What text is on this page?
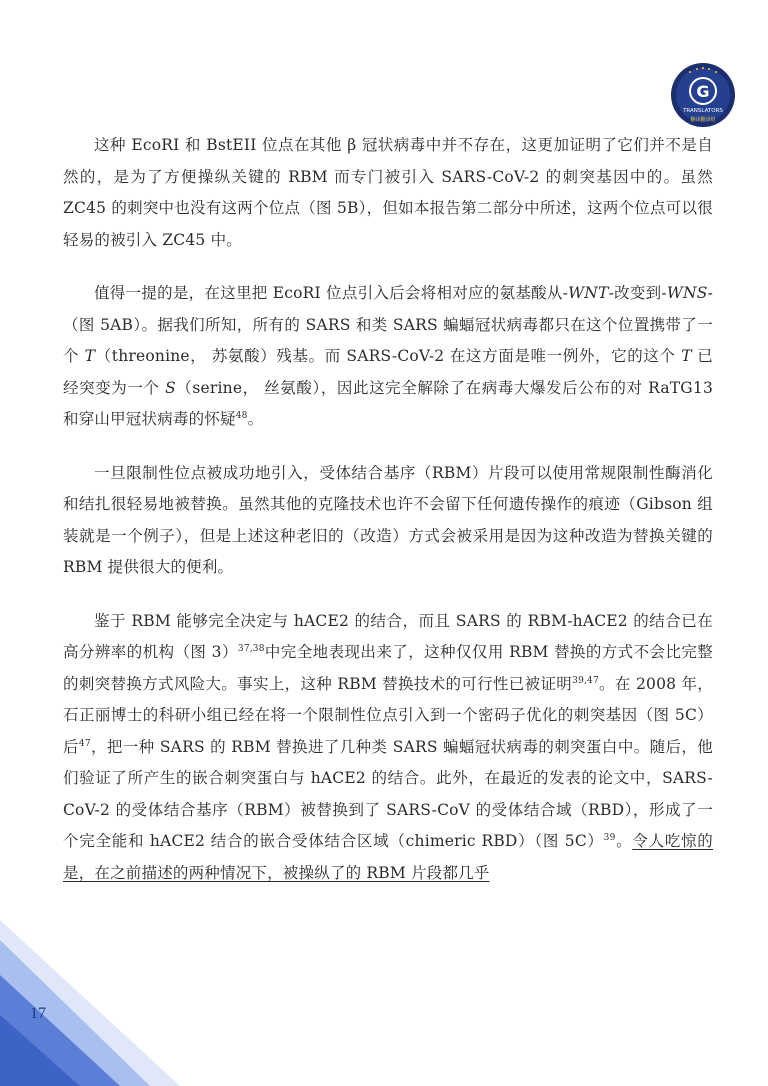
G
TRANSLATORS
翻译翻译组

这种 EcoRI 和 BstEII 位点在其他 β 冠状病毒中并不存在，这更加证明了它们并不是自然的，是为了方便操纵关键的 RBM 而专门被引入 SARS-CoV-2 的刺突基因中的。虽然 ZC45 的刺突中也没有这两个位点（图 5B），但如本报告第二部分中所述，这两个位点可以很轻易的被引入 ZC45 中。

值得一提的是，在这里把 EcoRI 位点引入后会将相对应的氨基酸从-WNT-改变到-WNS-（图 5AB）。据我们所知，所有的 SARS 和类 SARS 蝙蝠冠状病毒都只在这个位置携带了一个 T（threonine， 苏氨酸）残基。而 SARS-CoV-2 在这方面是唯一例外，它的这个 T 已经突变为一个 S（serine， 丝氨酸），因此这完全解除了在病毒大爆发后公布的对 RaTG13 和穿山甲冠状病毒的怀疑$^{48}$。

一旦限制性位点被成功地引入，受体结合基序（RBM）片段可以使用常规限制性酶消化和结扎很轻易地被替换。虽然其他的克隆技术也许不会留下任何遗传操作的痕迹（Gibson 组装就是一个例子），但是上述这种老旧的（改造）方式会被采用是因为这种改造为替换关键的 RBM 提供很大的便利。

鉴于 RBM 能够完全决定与 hACE2 的结合，而且 SARS 的 RBM-hACE2 的结合已在高分辨率的机构（图 3）$^{37,38}$中完全地表现出来了，这种仅仅用 RBM 替换的方式不会比完整的刺突替换方式风险大。事实上，这种 RBM 替换技术的可行性已被证明$^{39,47}$。在 2008 年，石正丽博士的科研小组已经在将一个限制性位点引入到一个密码子优化的刺突基因（图 5C）后$^{47}$，把一种 SARS 的 RBM 替换进了几种类 SARS 蝙蝠冠状病毒的刺突蛋白中。随后，他们验证了所产生的嵌合刺突蛋白与 hACE2 的结合。此外，在最近的发表的论文中，SARS-CoV-2 的受体结合基序（RBM）被替换到了 SARS-CoV 的受体结合域（RBD），形成了一个完全能和 hACE2 结合的嵌合受体结合区域（chimeric RBD）（图 5C）$^{39}$。令人吃惊的是，在之前描述的两种情况下，被操纵了的 RBM 片段都几乎

17
